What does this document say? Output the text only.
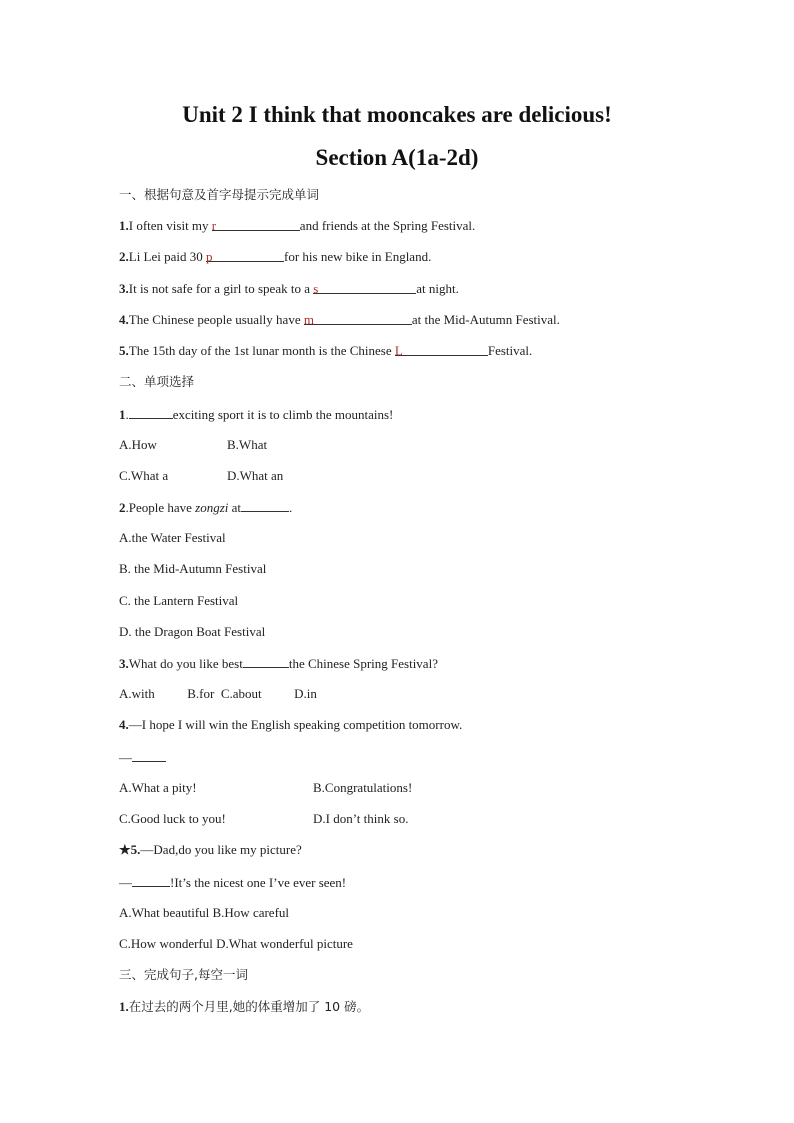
Unit 2 I think that mooncakes are delicious!
Section A(1a-2d)
一、根据句意及首字母提示完成单词
1.I often visit my r	and friends at the Spring Festival.
2.Li Lei paid 30 p	for his new bike in England.
3.It is not safe for a girl to speak to a s	at night.
4.The Chinese people usually have m	at the Mid-Autumn Festival.
5.The 15th day of the 1st lunar month is the Chinese L	Festival.
二、单项选择
1.	exciting sport it is to climb the mountains!
A.How	B.What
C.What a	D.What an
2.People have zongzi at	.
A.the Water Festival
B. the Mid-Autumn Festival
C. the Lantern Festival
D. the Dragon Boat Festival
3.What do you like best	the Chinese Spring Festival?
A.with          B.for  C.about          D.in
4.—I hope I will win the English speaking competition tomorrow.
—
A.What a pity!	B.Congratulations!
C.Good luck to you!	D.I don’t think so.
★5.—Dad,do you like my picture?
—	!It’s the nicest one I’ve ever seen!
A.What beautiful B.How careful
C.How wonderful D.What wonderful picture
三、完成句子,每空一词
1.在过去的两个月里,她的体重增加了 10 磅。
